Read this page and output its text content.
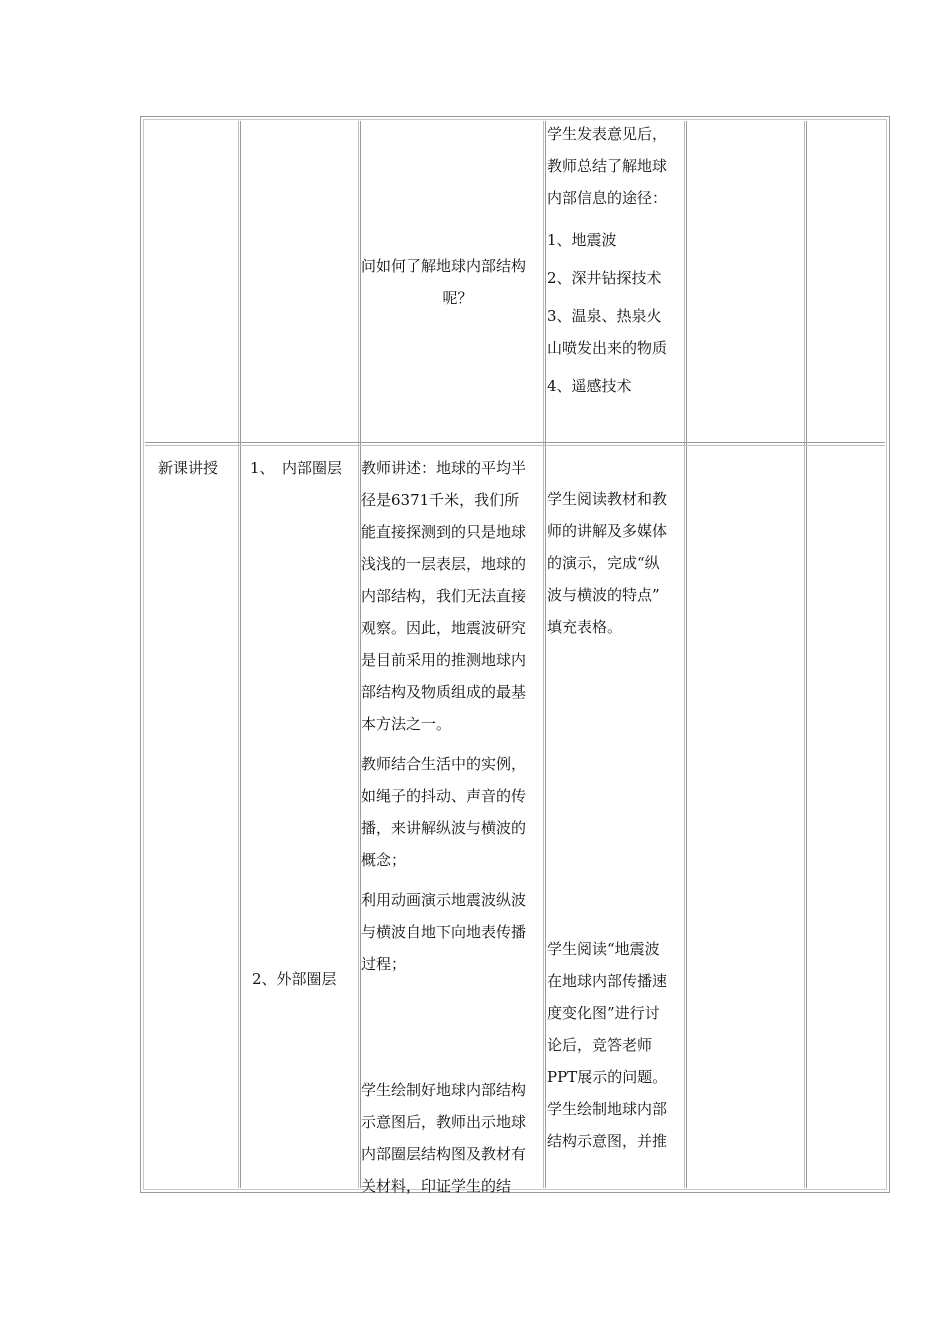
问如何了解地球内部结构

呢？

学生发表意见后，

教师总结了解地球

内部信息的途径：

1、地震波

2、深井钻探技术

3、温泉、热泉火

山喷发出来的物质

4、遥感技术

新课讲授	1、　内部圈层
2、外部圈层

教师讲述：地球的平均半

径是6371千米，我们所

能直接探测到的只是地球

浅浅的一层表层，地球的

内部结构，我们无法直接

观察。因此，地震波研究

是目前采用的推测地球内

部结构及物质组成的最基

本方法之一。

教师结合生活中的实例，

如绳子的抖动、声音的传

播，来讲解纵波与横波的

概念；

利用动画演示地震波纵波

与横波自地下向地表传播

过程；

学生绘制好地球内部结构

示意图后，教师出示地球

内部圈层结构图及教材有

关材料，印证学生的结

学生阅读教材和教

师的讲解及多媒体

的演示，完成“纵

波与横波的特点”

填充表格。

学生阅读“地震波

在地球内部传播速

度变化图”进行讨

论后，竞答老师

PPT展示的问题。

学生绘制地球内部

结构示意图，并推
